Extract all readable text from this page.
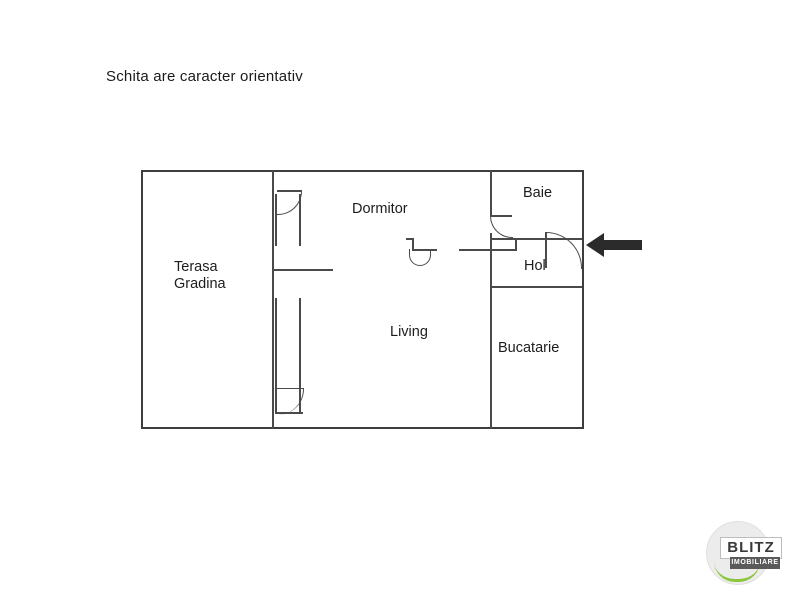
Schita are caracter orientativ
Terasa
Gradina
Dormitor
Baie
Hol
Living
Bucatarie
BLITZ
IMOBILIARE
